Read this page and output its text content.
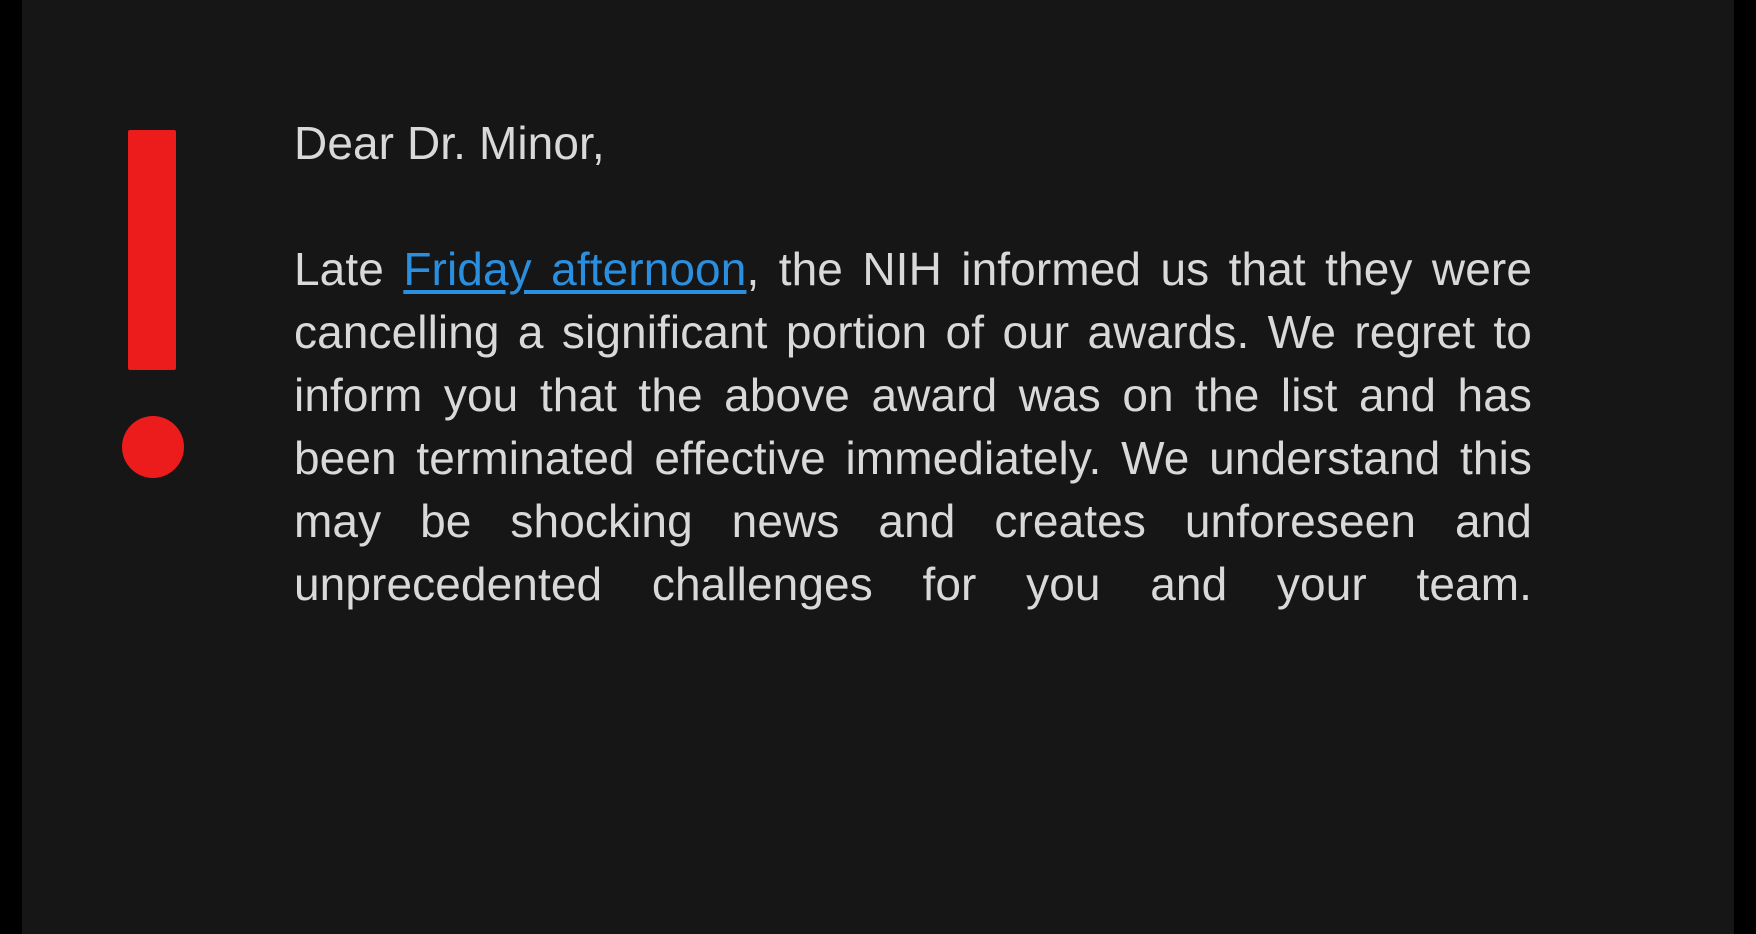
Dear Dr. Minor,

Late Friday afternoon, the NIH informed us that they were cancelling a significant portion of our awards. We regret to inform you that the above award was on the list and has been terminated effective immediately. We understand this may be shocking news and creates unforeseen and unprecedented challenges for you and your team.
